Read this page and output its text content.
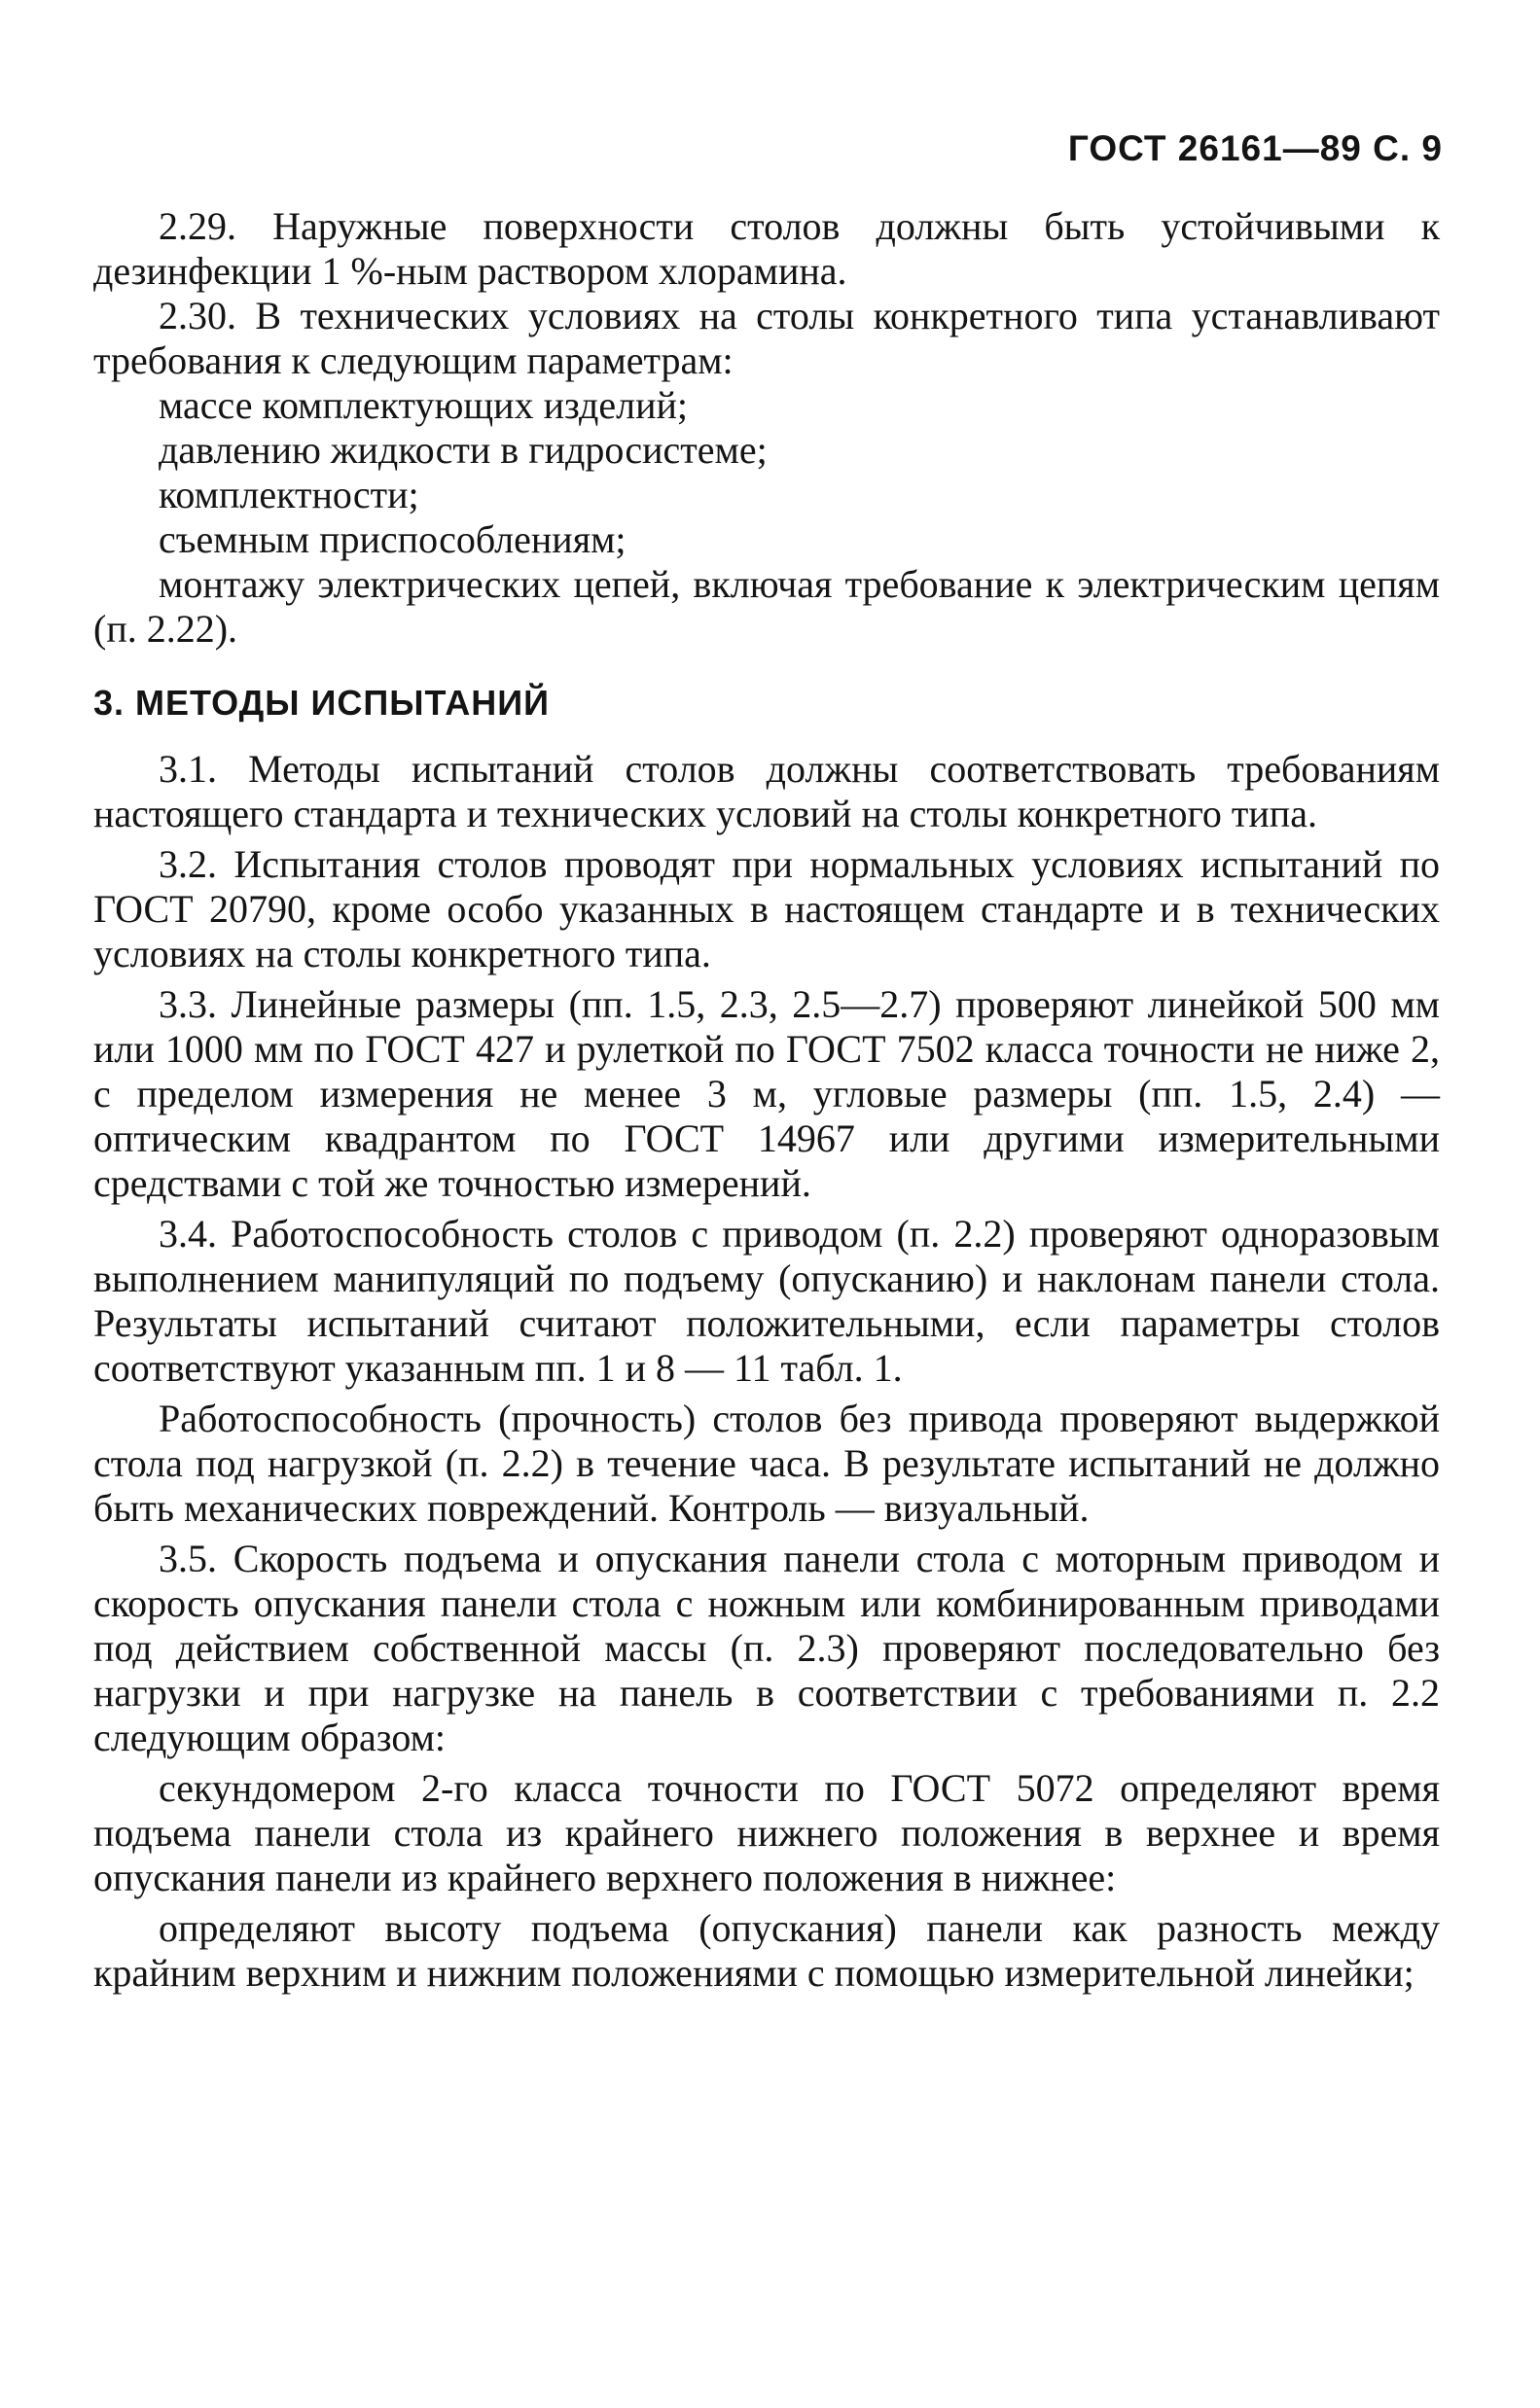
ГОСТ 26161—89 С. 9

2.29. Наружные поверхности столов должны быть устойчивыми к дезинфекции 1 %-ным раствором хлорамина.

2.30. В технических условиях на столы конкретного типа устанавливают требования к следующим параметрам:

массе комплектующих изделий;

давлению жидкости в гидросистеме;

комплектности;

съемным приспособлениям;

монтажу электрических цепей, включая требование к электрическим цепям (п. 2.22).

3. МЕТОДЫ ИСПЫТАНИЙ

3.1. Методы испытаний столов должны соответствовать требованиям настоящего стандарта и технических условий на столы конкретного типа.

3.2. Испытания столов проводят при нормальных условиях испытаний по ГОСТ 20790, кроме особо указанных в настоящем стандарте и в технических условиях на столы конкретного типа.

3.3. Линейные размеры (пп. 1.5, 2.3, 2.5—2.7) проверяют линейкой 500 мм или 1000 мм по ГОСТ 427 и рулеткой по ГОСТ 7502 класса точности не ниже 2, с пределом измерения не менее 3 м, угловые размеры (пп. 1.5, 2.4) — оптическим квадрантом по ГОСТ 14967 или другими измерительными средствами с той же точностью измерений.

3.4. Работоспособность столов с приводом (п. 2.2) проверяют одноразовым выполнением манипуляций по подъему (опусканию) и наклонам панели стола. Результаты испытаний считают положительными, если параметры столов соответствуют указанным пп. 1 и 8 — 11 табл. 1.

Работоспособность (прочность) столов без привода проверяют выдержкой стола под нагрузкой (п. 2.2) в течение часа. В результате испытаний не должно быть механических повреждений. Контроль — визуальный.

3.5. Скорость подъема и опускания панели стола с моторным приводом и скорость опускания панели стола с ножным или комбинированным приводами под действием собственной массы (п. 2.3) проверяют последовательно без нагрузки и при нагрузке на панель в соответствии с требованиями п. 2.2 следующим образом:

секундомером 2-го класса точности по ГОСТ 5072 определяют время подъема панели стола из крайнего нижнего положения в верхнее и время опускания панели из крайнего верхнего положения в нижнее:

определяют высоту подъема (опускания) панели как разность между крайним верхним и нижним положениями с помощью измерительной линейки;
